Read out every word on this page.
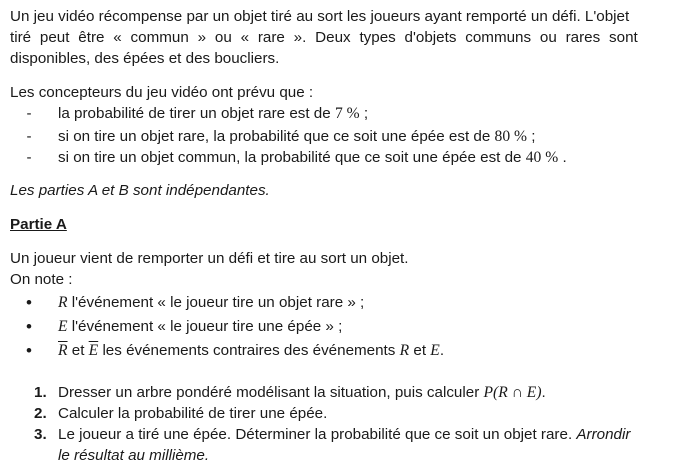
Un jeu vidéo récompense par un objet tiré au sort les joueurs ayant remporté un défi. L'objet
tiré peut être « commun » ou « rare ». Deux types d'objets communs ou rares sont
disponibles, des épées et des boucliers.
Les concepteurs du jeu vidéo ont prévu que :
- la probabilité de tirer un objet rare est de 7 % ;
- si on tire un objet rare, la probabilité que ce soit une épée est de 80 % ;
- si on tire un objet commun, la probabilité que ce soit une épée est de 40 % .
Les parties A et B sont indépendantes.
Partie A
Un joueur vient de remporter un défi et tire au sort un objet.
On note :
• R l'événement « le joueur tire un objet rare » ;
• E l'événement « le joueur tire une épée » ;
• $\overline{R}$ et $\overline{E}$ les événements contraires des événements R et E.
1. Dresser un arbre pondéré modélisant la situation, puis calculer P(R ∩ E).
2. Calculer la probabilité de tirer une épée.
3. Le joueur a tiré une épée. Déterminer la probabilité que ce soit un objet rare. Arrondir
le résultat au millième.
